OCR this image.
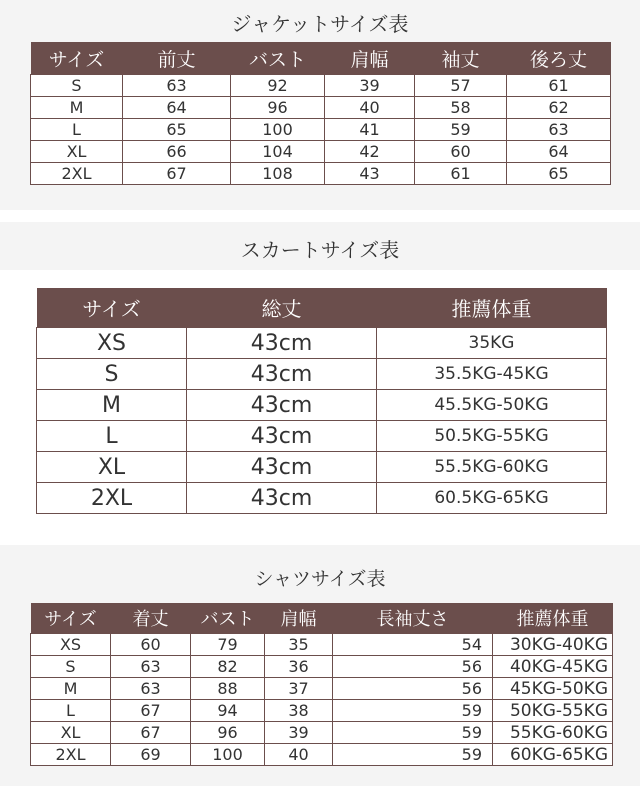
ジャケットサイズ表
サイズ	前丈	バスト	肩幅	袖丈	後ろ丈
S	63	92	39	57	61
M	64	96	40	58	62
L	65	100	41	59	63
XL	66	104	42	60	64
2XL	67	108	43	61	65
スカートサイズ表
サイズ	総丈	推薦体重
XS	43cm	35KG
S	43cm	35.5KG-45KG
M	43cm	45.5KG-50KG
L	43cm	50.5KG-55KG
XL	43cm	55.5KG-60KG
2XL	43cm	60.5KG-65KG
シャツサイズ表
サイズ	着丈	バスト	肩幅	長袖丈さ	推薦体重
XS	60	79	35	54	30KG-40KG
S	63	82	36	56	40KG-45KG
M	63	88	37	56	45KG-50KG
L	67	94	38	59	50KG-55KG
XL	67	96	39	59	55KG-60KG
2XL	69	100	40	59	60KG-65KG
